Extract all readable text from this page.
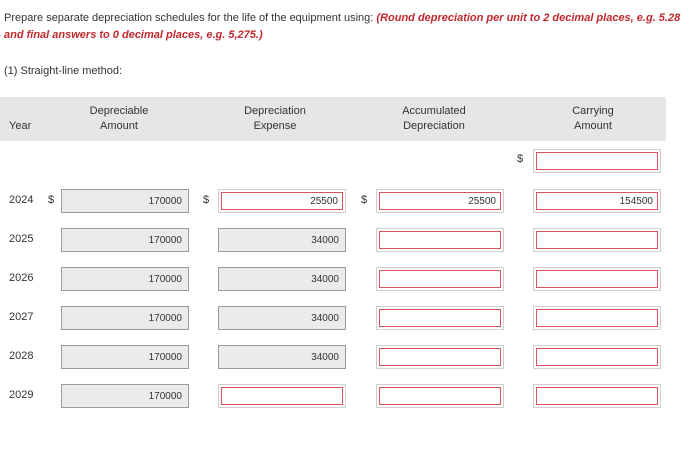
Prepare separate depreciation schedules for the life of the equipment using: (Round depreciation per unit to 2 decimal places, e.g. 5.28 and final answers to 0 decimal places, e.g. 5,275.)
(1) Straight-line method:
Year
Depreciable
Amount
Depreciation
Expense
Accumulated
Depreciation
Carrying
Amount
$
2024 $	$	$
170000
25500
25500
154500
2025
170000
34000
2026
170000
34000
2027
170000
34000
2028
170000
34000
2029
170000
